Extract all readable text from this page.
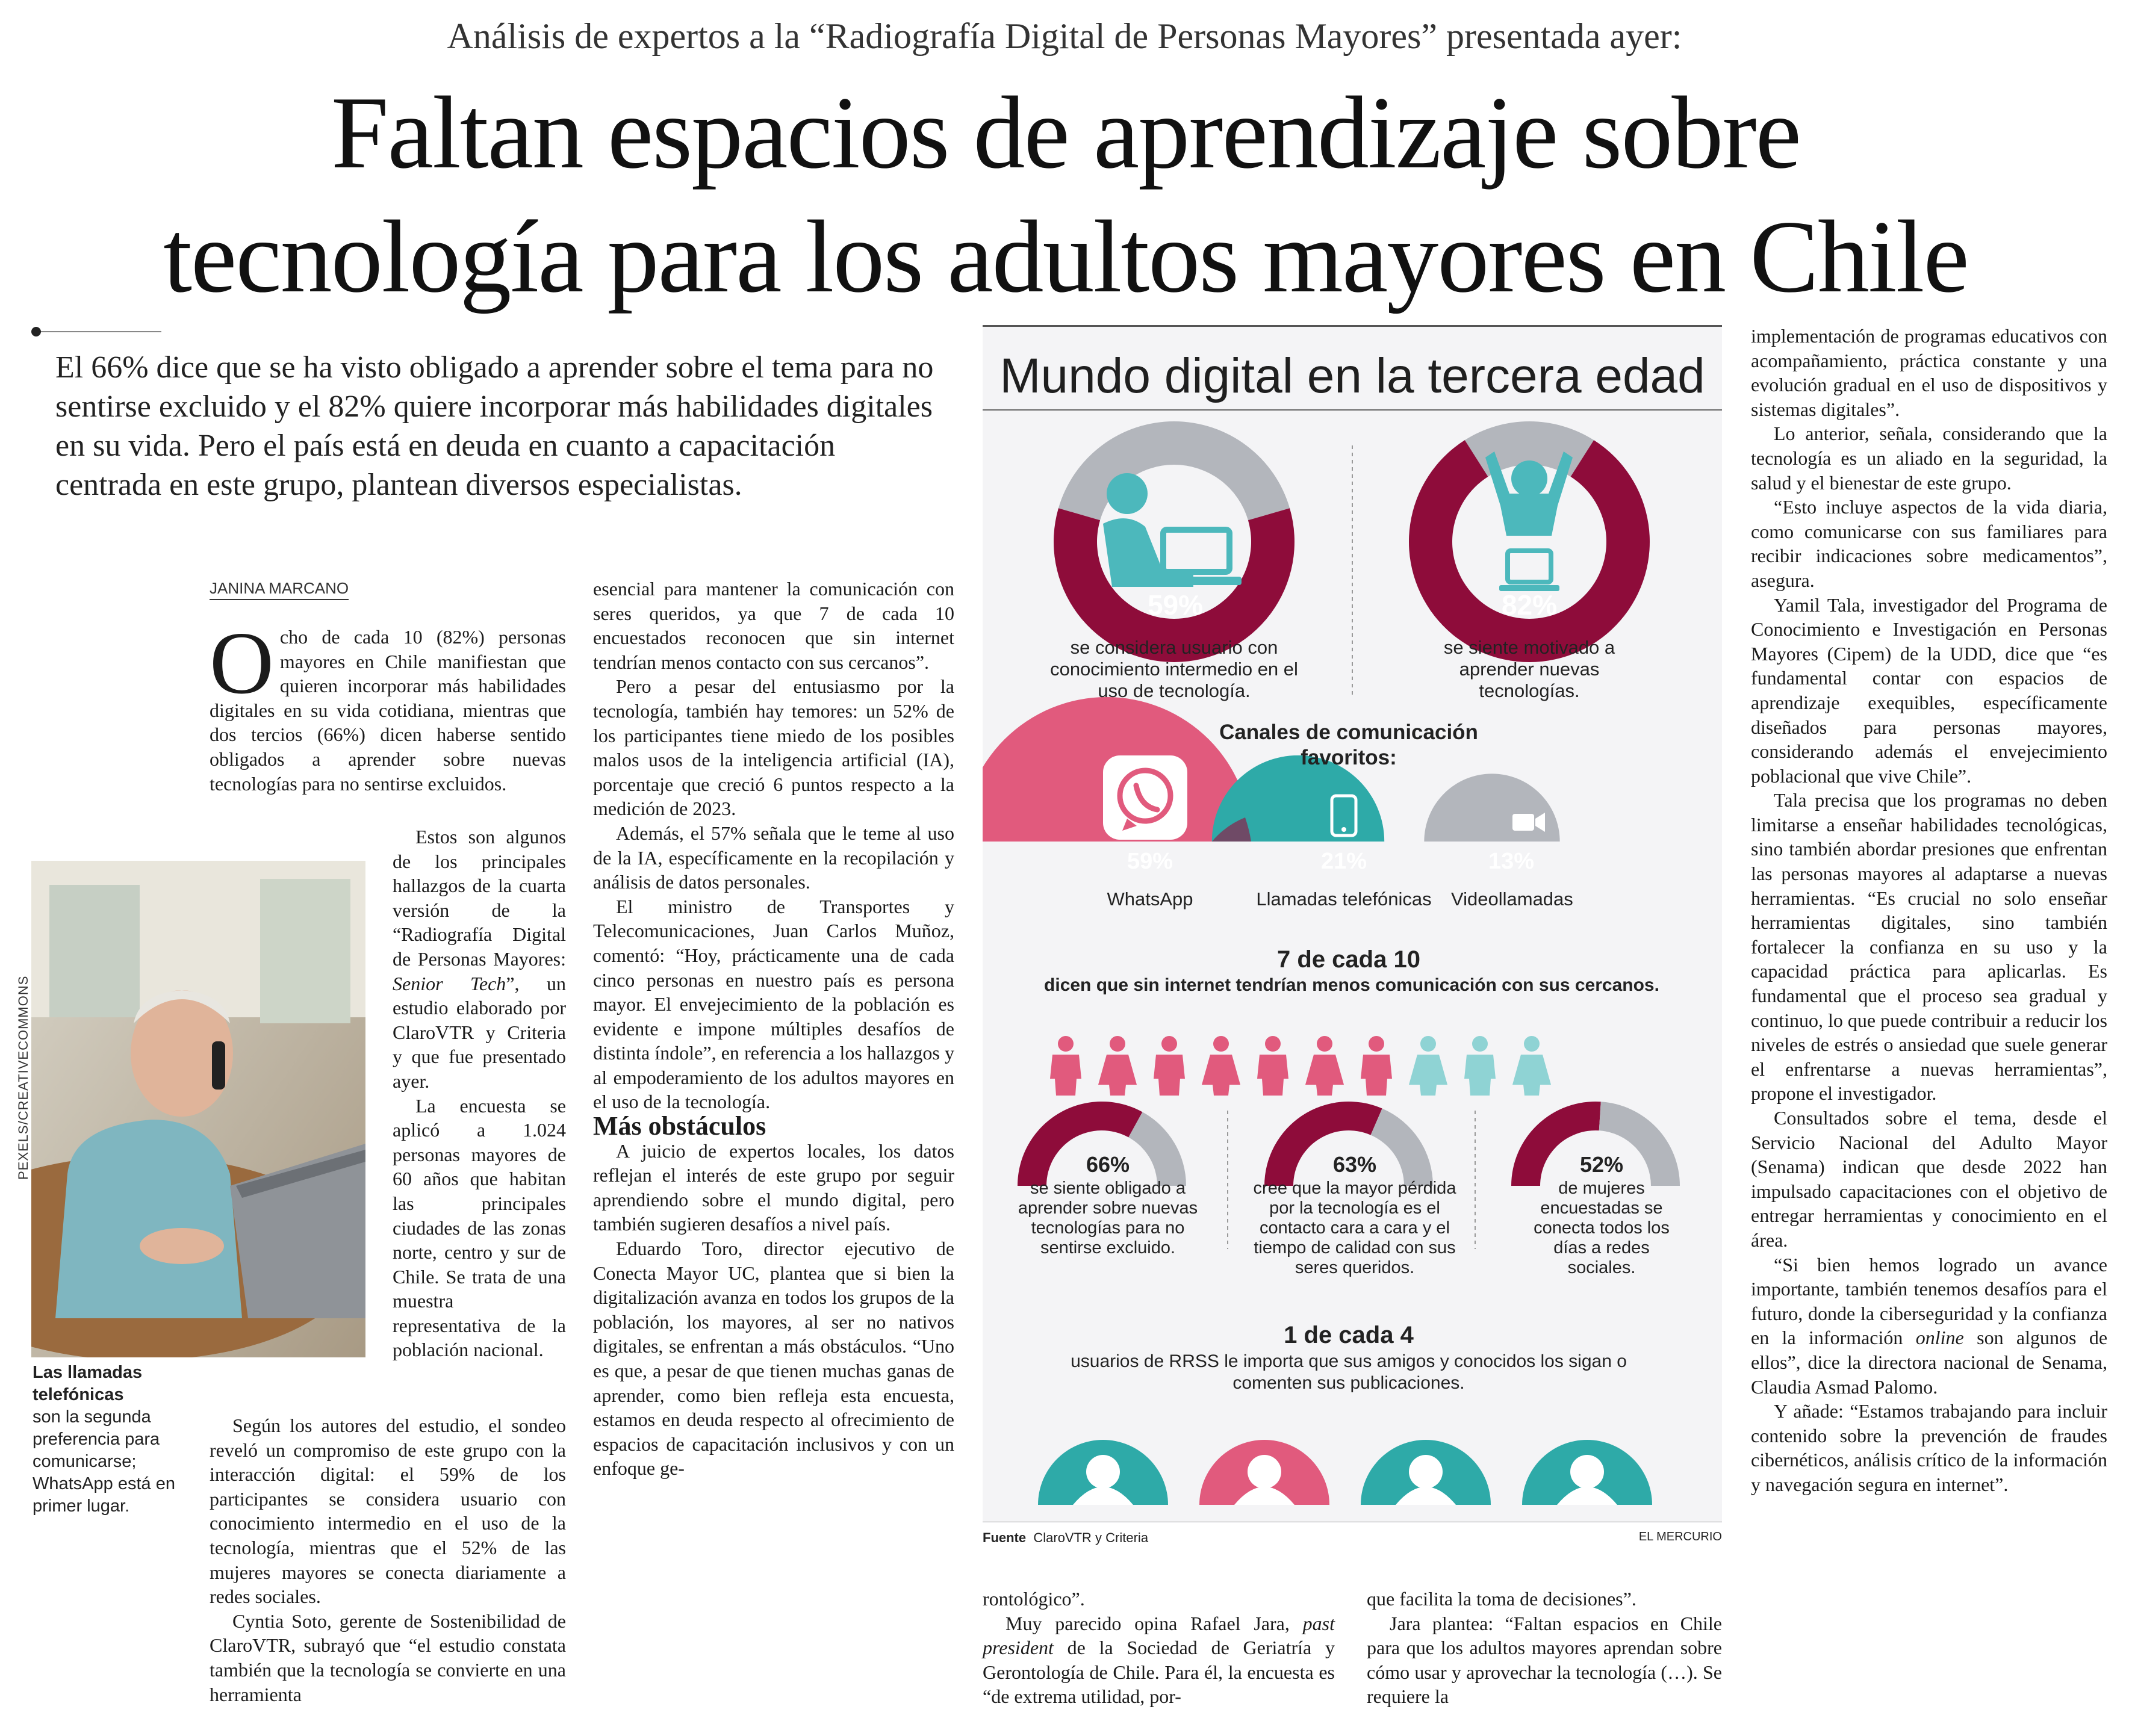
Análisis de expertos a la “Radiografía Digital de Personas Mayores” presentada ayer:
Faltan espacios de aprendizaje sobre
tecnología para los adultos mayores en Chile
El 66% dice que se ha visto obligado a aprender sobre el tema para no sentirse excluido y el 82% quiere incorporar más habilidades digitales en su vida. Pero el país está en deuda en cuanto a capacitación centrada en este grupo, plantean diversos especialistas.
JANINA MARCANO

Ocho de cada 10 (82%) personas mayores en Chile manifiestan que quieren incorporar más habilidades digitales en su vida cotidiana, mientras que dos tercios (66%) dicen haberse sentido obligados a aprender sobre nuevas tecnologías para no sentirse excluidos.

Estos son algunos de los principales hallazgos de la cuarta versión de la “Radiografía Digital de Personas Mayores: Senior Tech”, un estudio elaborado por ClaroVTR y Criteria y que fue presentado ayer.

La encuesta se aplicó a 1.024 personas mayores de 60 años que habitan las principales ciudades de las zonas norte, centro y sur de Chile. Se trata de una muestra representativa de la población nacional.

Según los autores del estudio, el sondeo reveló un compromiso de este grupo con la interacción digital: el 59% de los participantes se considera usuario con conocimiento intermedio en el uso de la tecnología, mientras que el 52% de las mujeres mayores se conecta diariamente a redes sociales.

Cyntia Soto, gerente de Sostenibilidad de ClaroVTR, subrayó que “el estudio constata también que la tecnología se convierte en una herramienta

PEXELS/CREATIVECOMMONS
Las llamadas telefónicas
son la segunda preferencia para comunicarse; WhatsApp está en primer lugar.

esencial para mantener la comunicación con seres queridos, ya que 7 de cada 10 encuestados reconocen que sin internet tendrían menos contacto con sus cercanos”.

Pero a pesar del entusiasmo por la tecnología, también hay temores: un 52% de los participantes tiene miedo de los posibles malos usos de la inteligencia artificial (IA), porcentaje que creció 6 puntos respecto a la medición de 2023.

Además, el 57% señala que le teme al uso de la IA, específicamente en la recopilación y análisis de datos personales.

El ministro de Transportes y Telecomunicaciones, Juan Carlos Muñoz, comentó: “Hoy, prácticamente una de cada cinco personas en nuestro país es persona mayor. El envejecimiento de la población es evidente e impone múltiples desafíos de distinta índole”, en referencia a los hallazgos y al empoderamiento de los adultos mayores en el uso de la tecnología.

Más obstáculos

A juicio de expertos locales, los datos reflejan el interés de este grupo por seguir aprendiendo sobre el mundo digital, pero también sugieren desafíos a nivel país.

Eduardo Toro, director ejecutivo de Conecta Mayor UC, plantea que si bien la digitalización avanza en todos los grupos de la población, los mayores, al ser no nativos digitales, se enfrentan a más obstáculos. “Uno es que, a pesar de que tienen muchas ganas de aprender, como bien refleja esta encuesta, estamos en deuda respecto al ofrecimiento de espacios de capacitación inclusivos y con un enfoque ge-

rontológico”.

Muy parecido opina Rafael Jara, past president de la Sociedad de Geriatría y Gerontología de Chile. Para él, la encuesta es “de extrema utilidad, por-

que facilita la toma de decisiones”.

Jara plantea: “Faltan espacios en Chile para que los adultos mayores aprendan sobre cómo usar y aprovechar la tecnología (…). Se requiere la

implementación de programas educativos con acompañamiento, práctica constante y una evolución gradual en el uso de dispositivos y sistemas digitales”.

Lo anterior, señala, considerando que la tecnología es un aliado en la seguridad, la salud y el bienestar de este grupo.

“Esto incluye aspectos de la vida diaria, como comunicarse con sus familiares para recibir indicaciones sobre medicamentos”, asegura.

Yamil Tala, investigador del Programa de Conocimiento e Investigación en Personas Mayores (Cipem) de la UDD, dice que “es fundamental contar con espacios de aprendizaje exequibles, específicamente diseñados para personas mayores, considerando además el envejecimiento poblacional que vive Chile”.

Tala precisa que los programas no deben limitarse a enseñar habilidades tecnológicas, sino también abordar presiones que enfrentan las personas mayores al adaptarse a nuevas herramientas. “Es crucial no solo enseñar herramientas digitales, sino también fortalecer la confianza en su uso y la capacidad práctica para aplicarlas. Es fundamental que el proceso sea gradual y continuo, lo que puede contribuir a reducir los niveles de estrés o ansiedad que suele generar el enfrentarse a nuevas herramientas”, propone el investigador.

Consultados sobre el tema, desde el Servicio Nacional del Adulto Mayor (Senama) indican que desde 2022 han impulsado capacitaciones con el objetivo de entregar herramientas y conocimiento en el área.

“Si bien hemos logrado un avance importante, también tenemos desafíos para el futuro, donde la ciberseguridad y la confianza en la información online son algunos de ellos”, dice la directora nacional de Senama, Claudia Asmad Palomo.

Y añade: “Estamos trabajando para incluir contenido sobre la prevención de fraudes cibernéticos, análisis crítico de la información y navegación segura en internet”.

Mundo digital en la tercera edad
59%	82%
se considera usuario con conocimiento intermedio en el uso de tecnología.
se siente motivado a aprender nuevas tecnologías.
Canales de comunicación favoritos:
59%	21%	13%
WhatsApp	Llamadas telefónicas	Videollamadas
7 de cada 10
dicen que sin internet tendrían menos comunicación con sus cercanos.
66%	63%	52%
se siente obligado a aprender sobre nuevas tecnologías para no sentirse excluido.
cree que la mayor pérdida por la tecnología es el contacto cara a cara y el tiempo de calidad con sus seres queridos.
de mujeres encuestadas se conecta todos los días a redes sociales.
1 de cada 4
usuarios de RRSS le importa que sus amigos y conocidos los sigan o comenten sus publicaciones.
Fuente ClaroVTR y Criteria	EL MERCURIO
